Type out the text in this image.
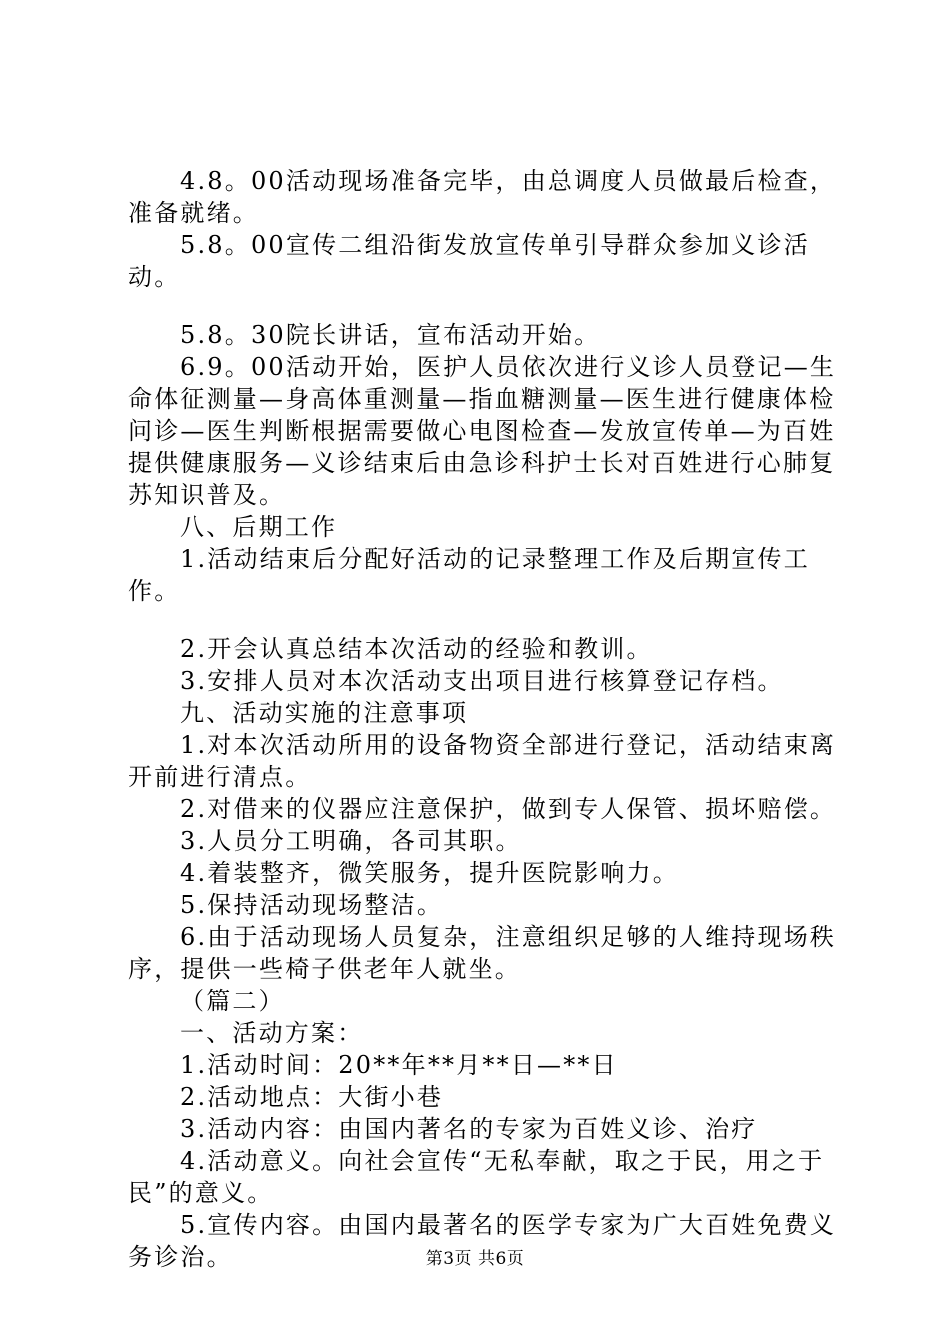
4.8。00活动现场准备完毕，由总调度人员做最后检查，准备就绪。

5.8。00宣传二组沿街发放宣传单引导群众参加义诊活动。

5.8。30院长讲话，宣布活动开始。

6.9。00活动开始，医护人员依次进行义诊人员登记—生命体征测量—身高体重测量—指血糖测量—医生进行健康体检问诊—医生判断根据需要做心电图检查—发放宣传单—为百姓提供健康服务—义诊结束后由急诊科护士长对百姓进行心肺复苏知识普及。

八、后期工作

1.活动结束后分配好活动的记录整理工作及后期宣传工作。

2.开会认真总结本次活动的经验和教训。

3.安排人员对本次活动支出项目进行核算登记存档。

九、活动实施的注意事项

1.对本次活动所用的设备物资全部进行登记，活动结束离开前进行清点。

2.对借来的仪器应注意保护，做到专人保管、损坏赔偿。

3.人员分工明确，各司其职。

4.着装整齐，微笑服务，提升医院影响力。

5.保持活动现场整洁。

6.由于活动现场人员复杂，注意组织足够的人维持现场秩序，提供一些椅子供老年人就坐。

（篇二）

一、活动方案：

1.活动时间：20**年**月**日—**日

2.活动地点：大街小巷

3.活动内容：由国内著名的专家为百姓义诊、治疗

4.活动意义。向社会宣传“无私奉献，取之于民，用之于民”的意义。

5.宣传内容。由国内最著名的医学专家为广大百姓免费义务诊治。	第3页 共6页
